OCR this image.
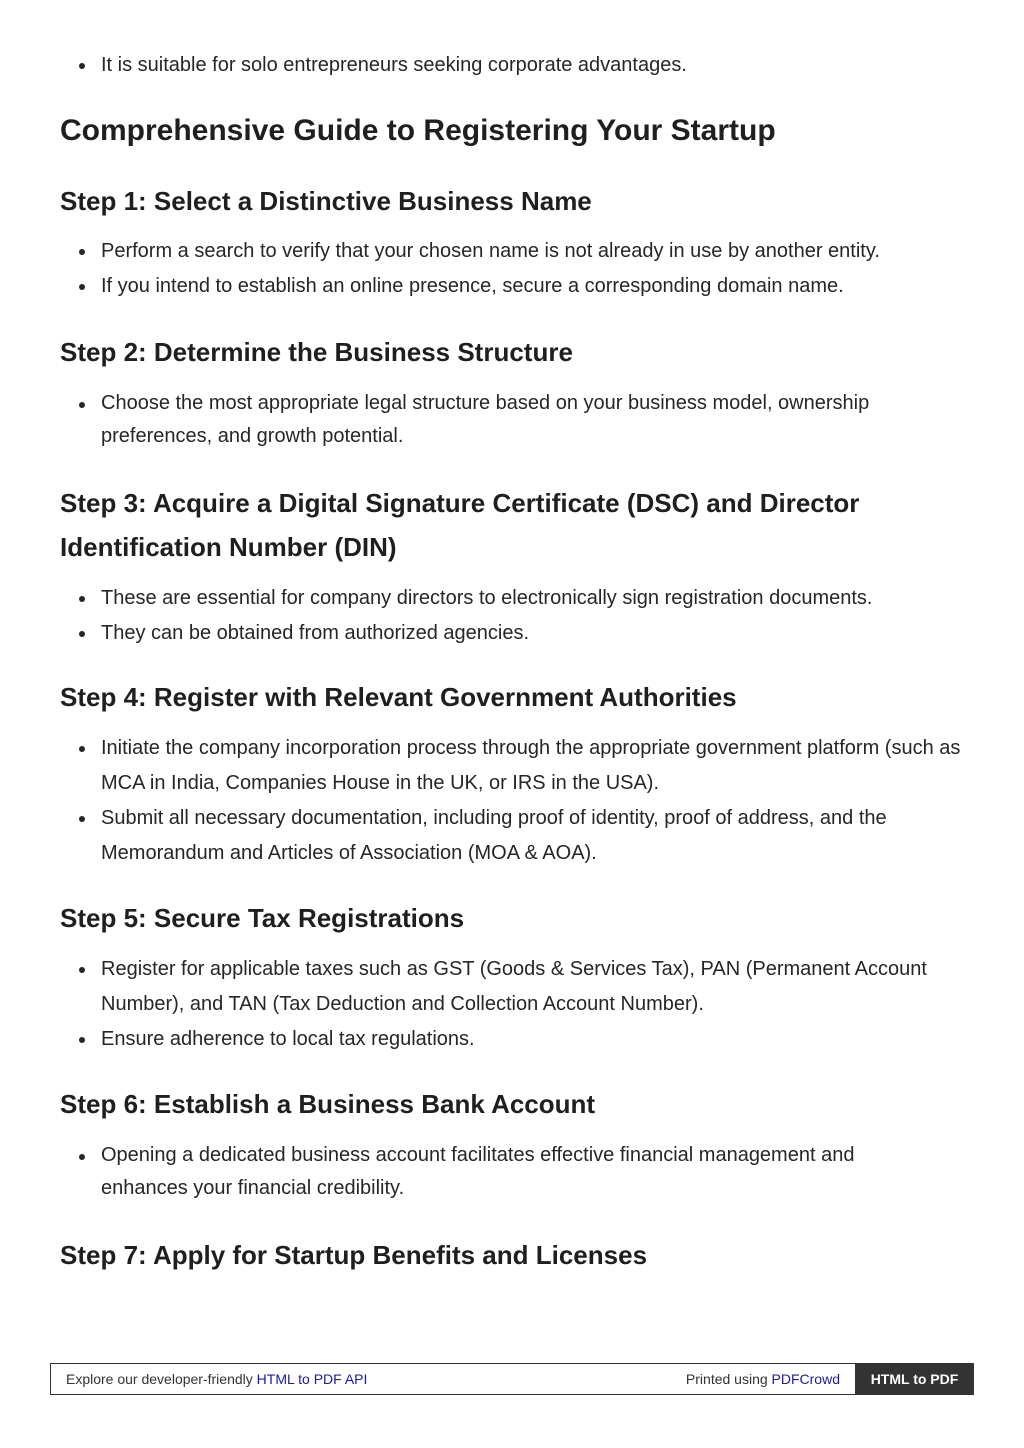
It is suitable for solo entrepreneurs seeking corporate advantages.
Comprehensive Guide to Registering Your Startup
Step 1: Select a Distinctive Business Name
Perform a search to verify that your chosen name is not already in use by another entity.
If you intend to establish an online presence, secure a corresponding domain name.
Step 2: Determine the Business Structure
Choose the most appropriate legal structure based on your business model, ownership preferences, and growth potential.
Step 3: Acquire a Digital Signature Certificate (DSC) and Director Identification Number (DIN)
These are essential for company directors to electronically sign registration documents.
They can be obtained from authorized agencies.
Step 4: Register with Relevant Government Authorities
Initiate the company incorporation process through the appropriate government platform (such as MCA in India, Companies House in the UK, or IRS in the USA).
Submit all necessary documentation, including proof of identity, proof of address, and the Memorandum and Articles of Association (MOA & AOA).
Step 5: Secure Tax Registrations
Register for applicable taxes such as GST (Goods & Services Tax), PAN (Permanent Account Number), and TAN (Tax Deduction and Collection Account Number).
Ensure adherence to local tax regulations.
Step 6: Establish a Business Bank Account
Opening a dedicated business account facilitates effective financial management and enhances your financial credibility.
Step 7: Apply for Startup Benefits and Licenses
Explore our developer-friendly HTML to PDF API	Printed using PDFCrowd	HTML to PDF
